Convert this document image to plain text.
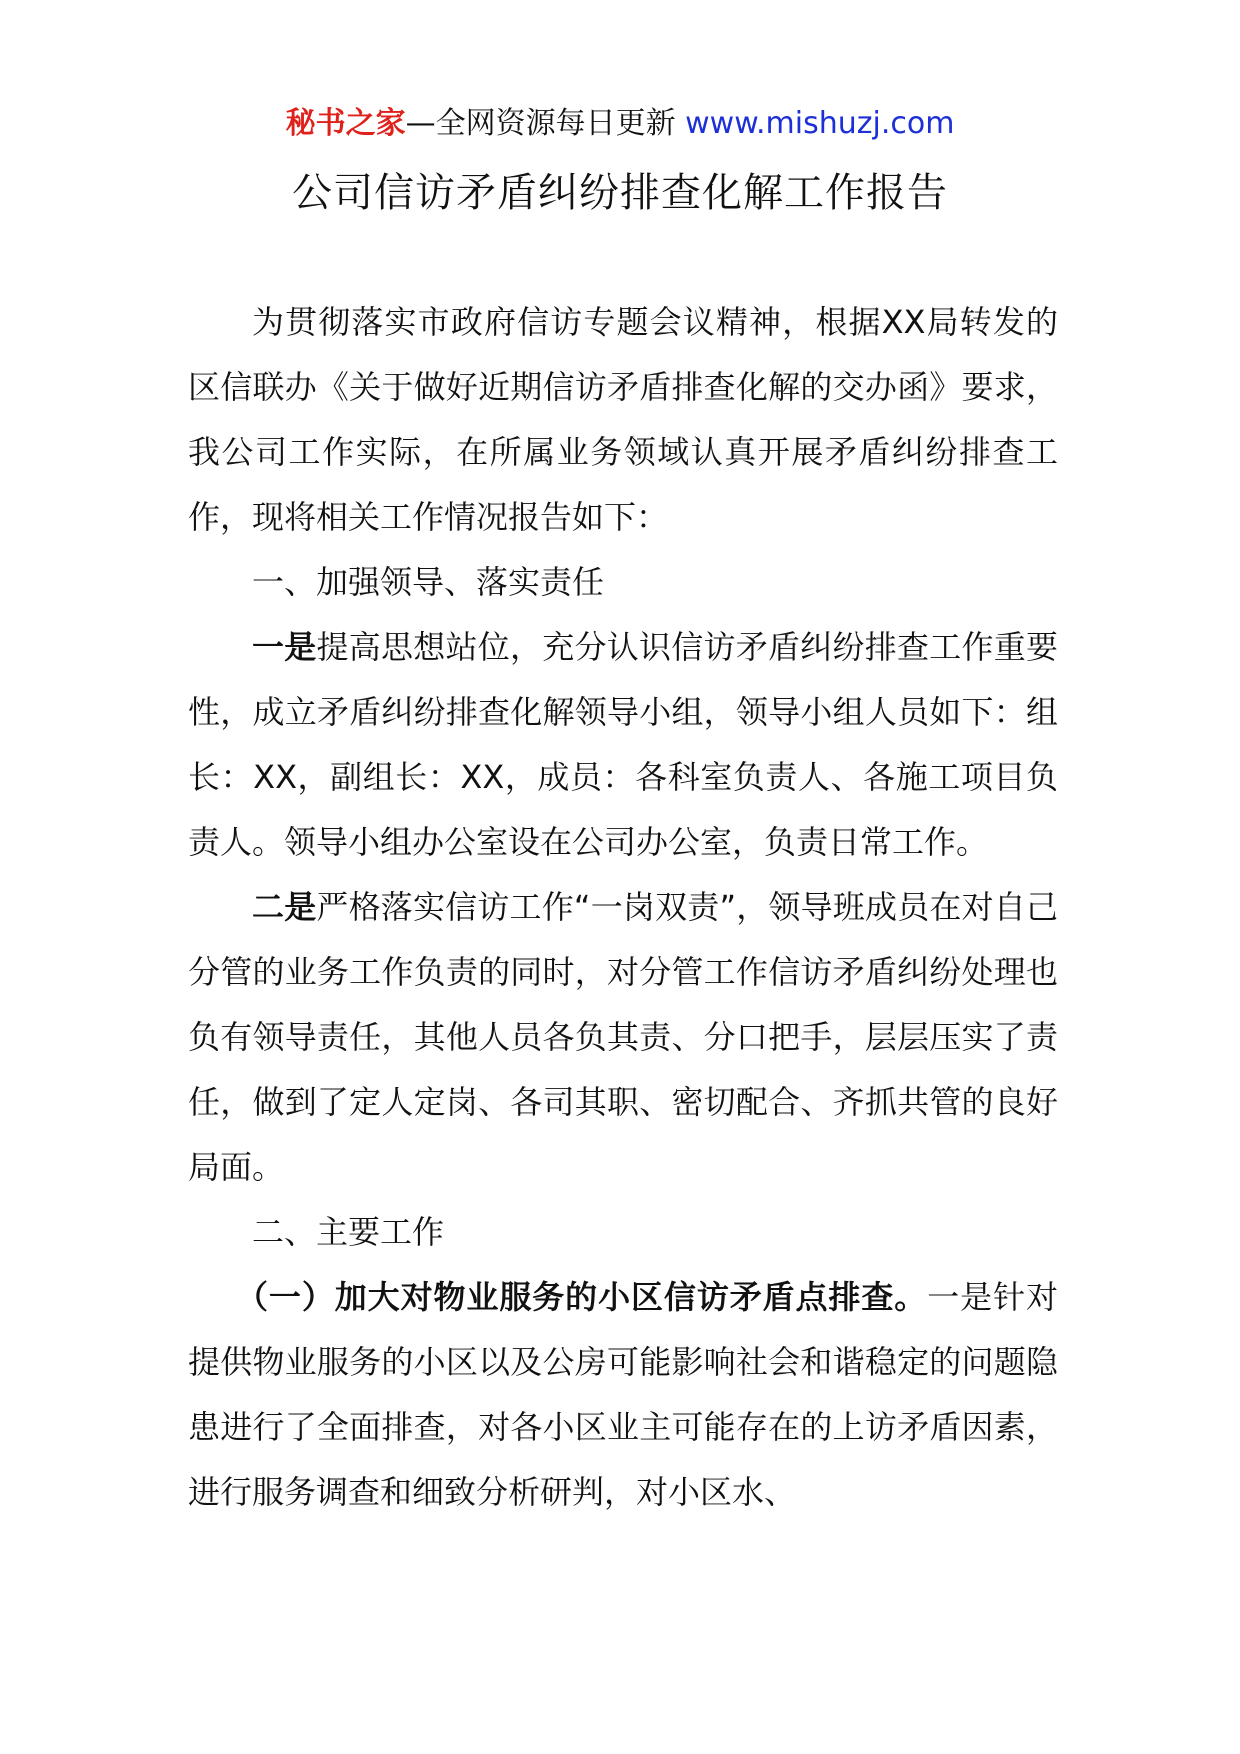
秘书之家—全网资源每日更新 www.mishuzj.com
公司信访矛盾纠纷排查化解工作报告

为贯彻落实市政府信访专题会议精神，根据XX局转发的区信联办《关于做好近期信访矛盾排查化解的交办函》要求，我公司工作实际，在所属业务领域认真开展矛盾纠纷排查工作，现将相关工作情况报告如下：

一、加强领导、落实责任

一是提高思想站位，充分认识信访矛盾纠纷排查工作重要性，成立矛盾纠纷排查化解领导小组，领导小组人员如下：组长：XX，副组长：XX，成员：各科室负责人、各施工项目负责人。领导小组办公室设在公司办公室，负责日常工作。

二是严格落实信访工作“一岗双责”，领导班成员在对自己分管的业务工作负责的同时，对分管工作信访矛盾纠纷处理也负有领导责任，其他人员各负其责、分口把手，层层压实了责任，做到了定人定岗、各司其职、密切配合、齐抓共管的良好局面。

二、主要工作

（一）加大对物业服务的小区信访矛盾点排查。一是针对提供物业服务的小区以及公房可能影响社会和谐稳定的问题隐患进行了全面排查，对各小区业主可能存在的上访矛盾因素，进行服务调查和细致分析研判，对小区水、
